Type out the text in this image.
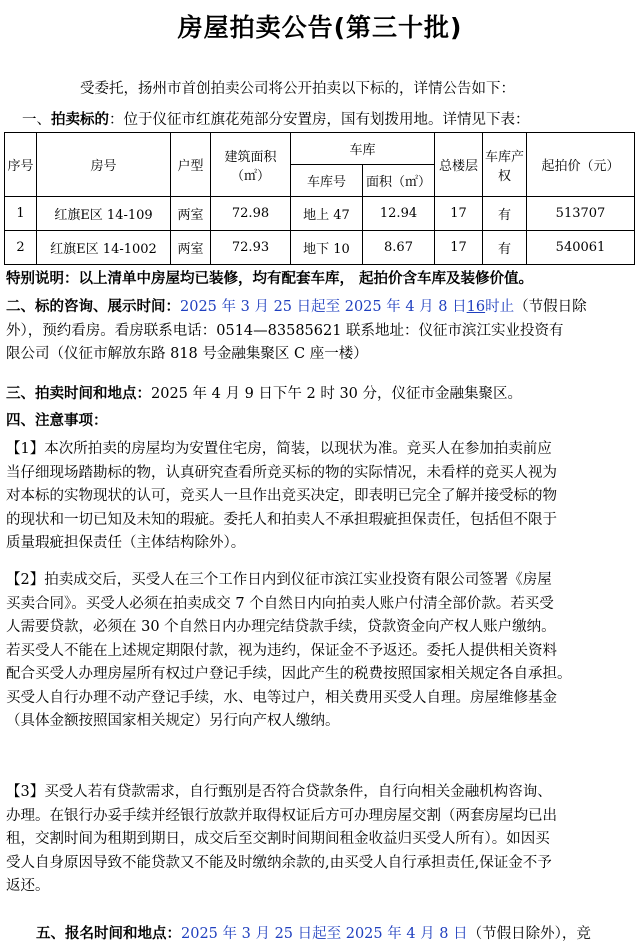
房屋拍卖公告(第三十批)
受委托，扬州市首创拍卖公司将公开拍卖以下标的，详情公告如下：
一、拍卖标的：位于仪征市红旗花苑部分安置房，国有划拨用地。详情见下表：
序号	房号	户型	建筑面积（㎡）	车库		总楼层	车库产权	起拍价（元）
				车库号	面积（㎡）			
1	红旗E区 14-109	两室	72.98	地上 47	12.94	17	有	513707
2	红旗E区 14-1002	两室	72.93	地下 10	8.67	17	有	540061
特别说明：以上清单中房屋均已装修，均有配套车库， 起拍价含车库及装修价值。
二、标的咨询、展示时间：2025 年 3 月 25 日起至 2025 年 4 月 8 日16时止（节假日除
外），预约看房。看房联系电话：0514—83585621 联系地址：仪征市滨江实业投资有
限公司（仪征市解放东路 818 号金融集聚区 C 座一楼）
三、拍卖时间和地点：2025 年 4 月 9 日下午 2 时 30 分，仪征市金融集聚区。
四、注意事项：
【1】本次所拍卖的房屋均为安置住宅房，简装，以现状为准。竞买人在参加拍卖前应
当仔细现场踏勘标的物，认真研究查看所竞买标的物的实际情况，未看样的竞买人视为
对本标的实物现状的认可，竞买人一旦作出竞买决定，即表明已完全了解并接受标的物
的现状和一切已知及未知的瑕疵。委托人和拍卖人不承担瑕疵担保责任，包括但不限于
质量瑕疵担保责任（主体结构除外）。
【2】拍卖成交后，买受人在三个工作日内到仪征市滨江实业投资有限公司签署《房屋
买卖合同》。买受人必须在拍卖成交 7 个自然日内向拍卖人账户付清全部价款。若买受
人需要贷款，必须在 30 个自然日内办理完结贷款手续，贷款资金向产权人账户缴纳。
若买受人不能在上述规定期限付款，视为违约，保证金不予返还。委托人提供相关资料
配合买受人办理房屋所有权过户登记手续，因此产生的税费按照国家相关规定各自承担。
买受人自行办理不动产登记手续，水、电等过户，相关费用买受人自理。房屋维修基金
（具体金额按照国家相关规定）另行向产权人缴纳。
【3】买受人若有贷款需求，自行甄别是否符合贷款条件，自行向相关金融机构咨询、
办理。在银行办妥手续并经银行放款并取得权证后方可办理房屋交割（两套房屋均已出
租，交割时间为租期到期日，成交后至交割时间期间租金收益归买受人所有）。如因买
受人自身原因导致不能贷款又不能及时缴纳余款的,由买受人自行承担责任,保证金不予
返还。
五、报名时间和地点：2025 年 3 月 25 日起至 2025 年 4 月 8 日（节假日除外），竞
